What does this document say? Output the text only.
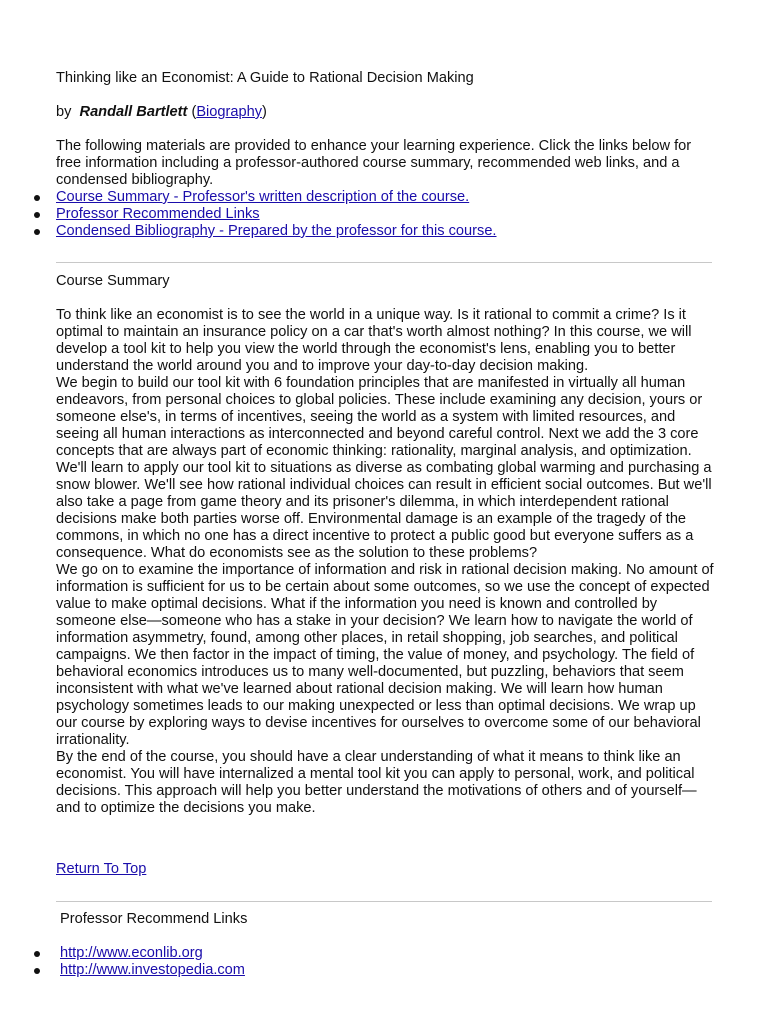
Thinking like an Economist: A Guide to Rational Decision Making
by Randall Bartlett (Biography)

The following materials are provided to enhance your learning experience. Click the links below for free information including a professor-authored course summary, recommended web links, and a condensed bibliography.

Course Summary - Professor's written description of the course.
Professor Recommended Links
Condensed Bibliography - Prepared by the professor for this course.
Course Summary

To think like an economist is to see the world in a unique way. Is it rational to commit a crime? Is it optimal to maintain an insurance policy on a car that's worth almost nothing? In this course, we will develop a tool kit to help you view the world through the economist's lens, enabling you to better understand the world around you and to improve your day-to-day decision making.

We begin to build our tool kit with 6 foundation principles that are manifested in virtually all human endeavors, from personal choices to global policies. These include examining any decision, yours or someone else's, in terms of incentives, seeing the world as a system with limited resources, and seeing all human interactions as interconnected and beyond careful control. Next we add the 3 core concepts that are always part of economic thinking: rationality, marginal analysis, and optimization.

We'll learn to apply our tool kit to situations as diverse as combating global warming and purchasing a snow blower. We'll see how rational individual choices can result in efficient social outcomes. But we'll also take a page from game theory and its prisoner's dilemma, in which interdependent rational decisions make both parties worse off. Environmental damage is an example of the tragedy of the commons, in which no one has a direct incentive to protect a public good but everyone suffers as a consequence. What do economists see as the solution to these problems?

We go on to examine the importance of information and risk in rational decision making. No amount of information is sufficient for us to be certain about some outcomes, so we use the concept of expected value to make optimal decisions. What if the information you need is known and controlled by someone else—someone who has a stake in your decision? We learn how to navigate the world of information asymmetry, found, among other places, in retail shopping, job searches, and political campaigns. We then factor in the impact of timing, the value of money, and psychology. The field of behavioral economics introduces us to many well-documented, but puzzling, behaviors that seem inconsistent with what we've learned about rational decision making. We will learn how human psychology sometimes leads to our making unexpected or less than optimal decisions. We wrap up our course by exploring ways to devise incentives for ourselves to overcome some of our behavioral irrationality.

By the end of the course, you should have a clear understanding of what it means to think like an economist. You will have internalized a mental tool kit you can apply to personal, work, and political decisions. This approach will help you better understand the motivations of others and of yourself—and to optimize the decisions you make.

Return To Top
Professor Recommend Links
http://www.econlib.org
http://www.investopedia.com
